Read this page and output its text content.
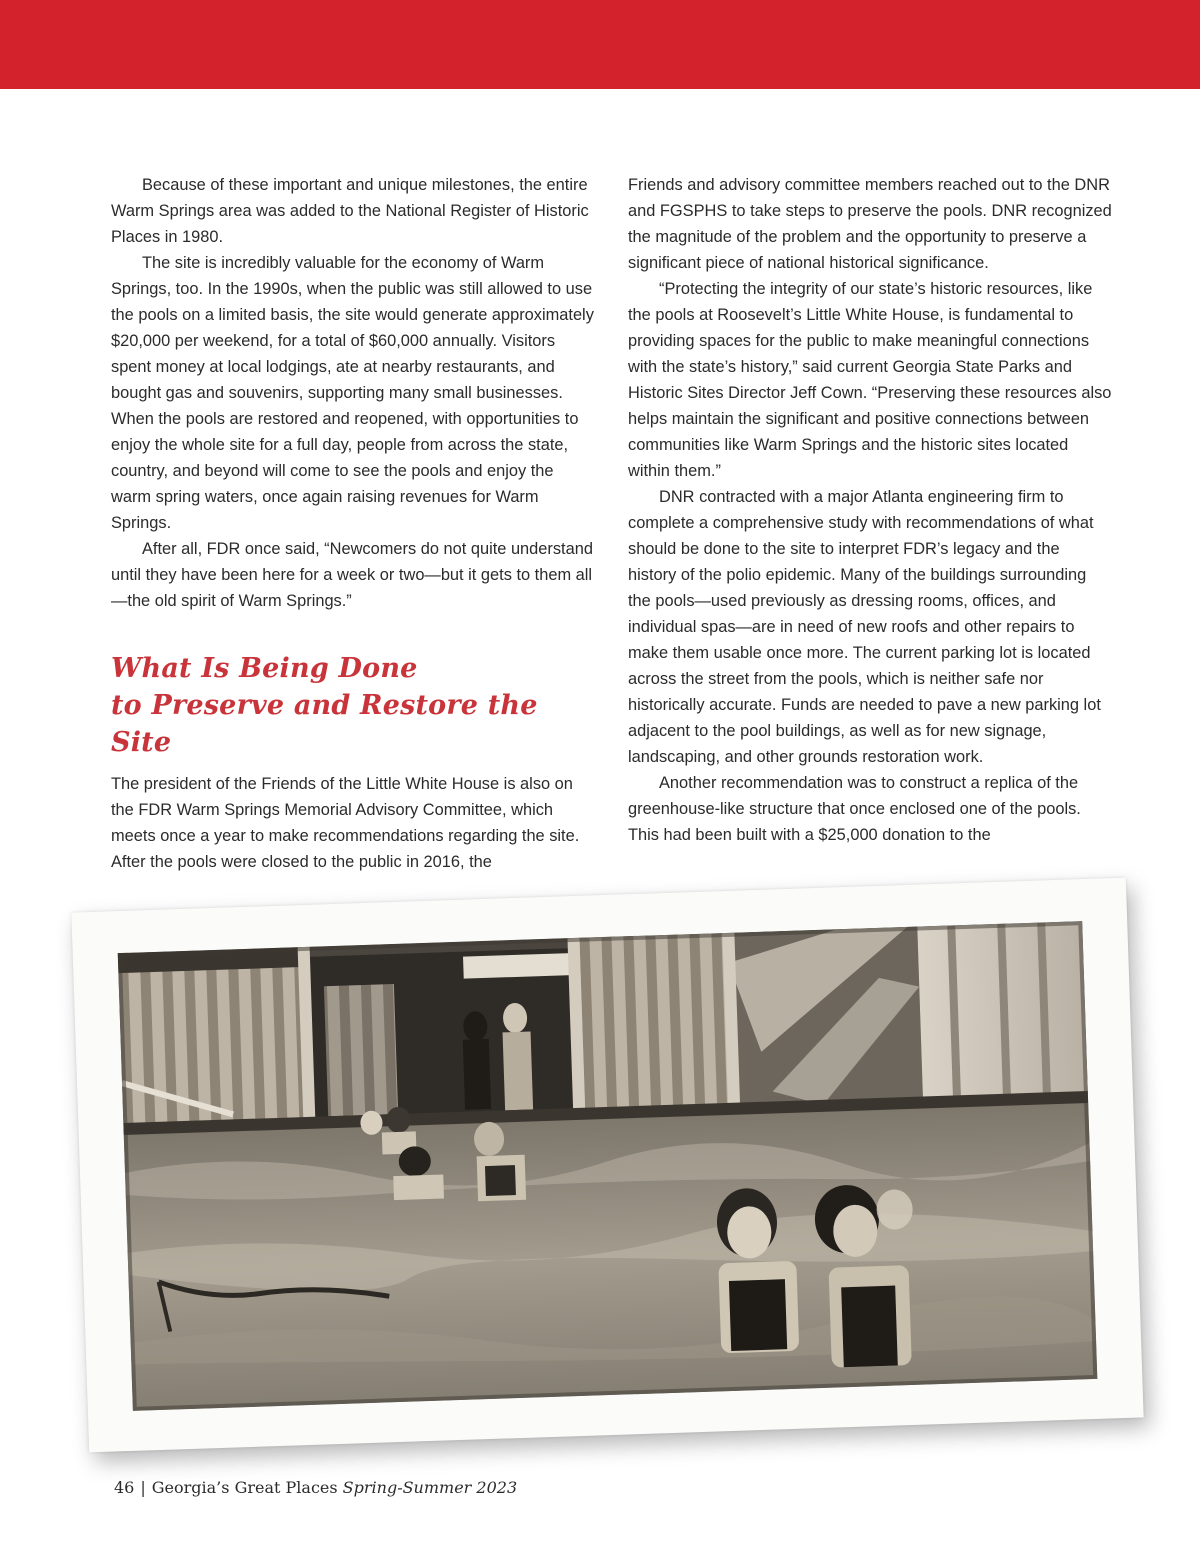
Because of these important and unique milestones, the entire Warm Springs area was added to the National Register of Historic Places in 1980.

The site is incredibly valuable for the economy of Warm Springs, too. In the 1990s, when the public was still allowed to use the pools on a limited basis, the site would generate approximately $20,000 per weekend, for a total of $60,000 annually. Visitors spent money at local lodgings, ate at nearby restaurants, and bought gas and souvenirs, supporting many small businesses. When the pools are restored and reopened, with opportunities to enjoy the whole site for a full day, people from across the state, country, and beyond will come to see the pools and enjoy the warm spring waters, once again raising revenues for Warm Springs.

After all, FDR once said, “Newcomers do not quite understand until they have been here for a week or two—but it gets to them all—the old spirit of Warm Springs.”

What Is Being Done
to Preserve and Restore the Site

The president of the Friends of the Little White House is also on the FDR Warm Springs Memorial Advisory Committee, which meets once a year to make recommendations regarding the site. After the pools were closed to the public in 2016, the

Friends and advisory committee members reached out to the DNR and FGSPHS to take steps to preserve the pools. DNR recognized the magnitude of the problem and the opportunity to preserve a significant piece of national historical significance.

“Protecting the integrity of our state’s historic resources, like the pools at Roosevelt’s Little White House, is fundamental to providing spaces for the public to make meaningful connections with the state’s history,” said current Georgia State Parks and Historic Sites Director Jeff Cown. “Preserving these resources also helps maintain the significant and positive connections between communities like Warm Springs and the historic sites located within them.”

DNR contracted with a major Atlanta engineering firm to complete a comprehensive study with recommendations of what should be done to the site to interpret FDR’s legacy and the history of the polio epidemic. Many of the buildings surrounding the pools—used previously as dressing rooms, offices, and individual spas—are in need of new roofs and other repairs to make them usable once more. The current parking lot is located across the street from the pools, which is neither safe nor historically accurate. Funds are needed to pave a new parking lot adjacent to the pool buildings, as well as for new signage, landscaping, and other grounds restoration work.

Another recommendation was to construct a replica of the greenhouse-like structure that once enclosed one of the pools. This had been built with a $25,000 donation to the

46 | Georgia’s Great Places Spring-Summer 2023
